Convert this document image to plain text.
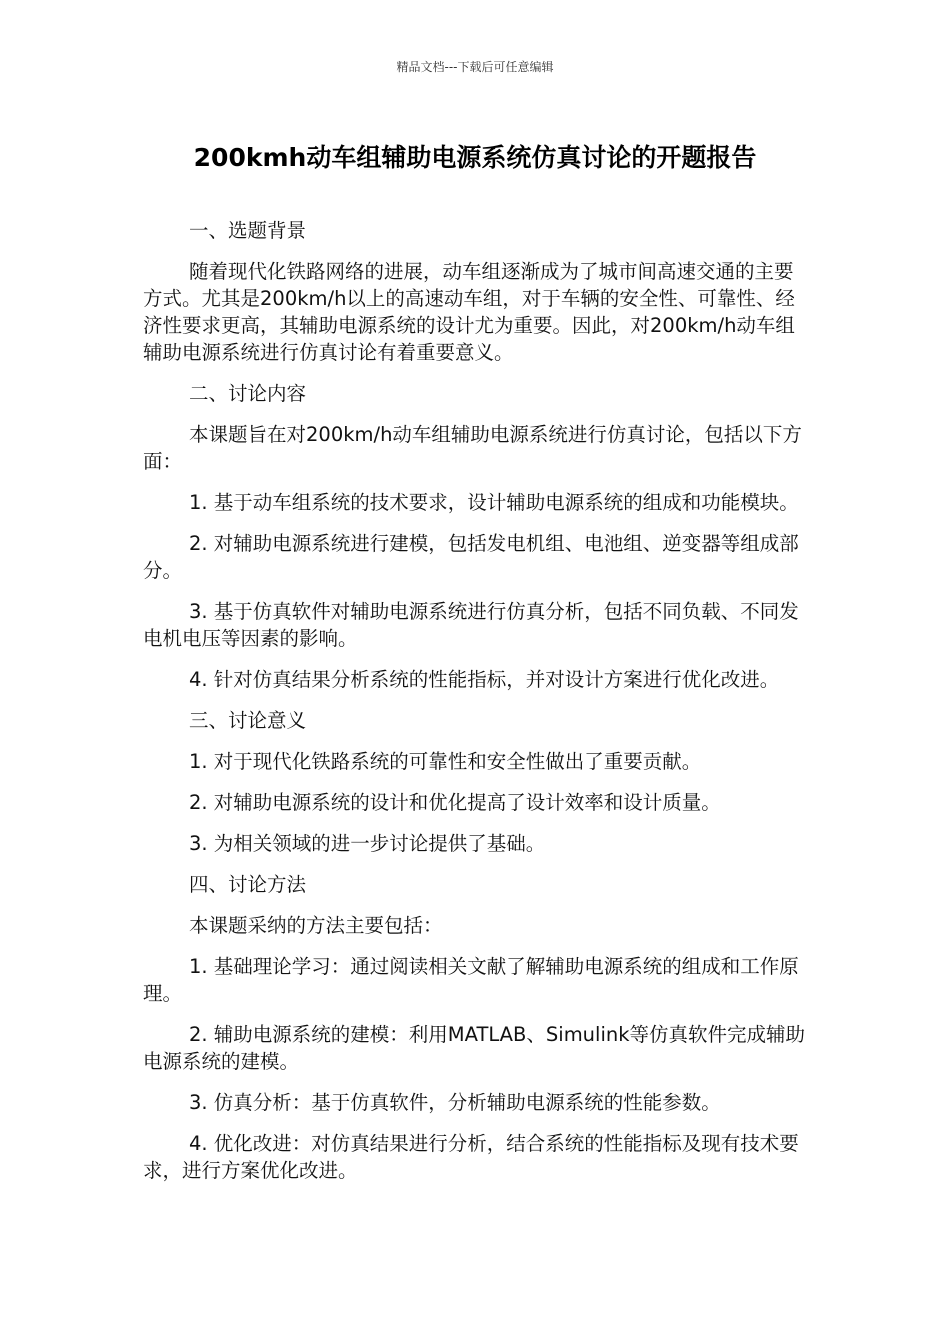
精品文档---下载后可任意编辑
200kmh动车组辅助电源系统仿真讨论的开题报告

一、选题背景

随着现代化铁路网络的进展，动车组逐渐成为了城市间高速交通的主要方式。尤其是200km/h以上的高速动车组，对于车辆的安全性、可靠性、经济性要求更高，其辅助电源系统的设计尤为重要。因此，对200km/h动车组辅助电源系统进行仿真讨论有着重要意义。

二、讨论内容

本课题旨在对200km/h动车组辅助电源系统进行仿真讨论，包括以下方面：

1. 基于动车组系统的技术要求，设计辅助电源系统的组成和功能模块。

2. 对辅助电源系统进行建模，包括发电机组、电池组、逆变器等组成部分。

3. 基于仿真软件对辅助电源系统进行仿真分析，包括不同负载、不同发电机电压等因素的影响。

4. 针对仿真结果分析系统的性能指标，并对设计方案进行优化改进。

三、讨论意义

1. 对于现代化铁路系统的可靠性和安全性做出了重要贡献。

2. 对辅助电源系统的设计和优化提高了设计效率和设计质量。

3. 为相关领域的进一步讨论提供了基础。

四、讨论方法

本课题采纳的方法主要包括：

1. 基础理论学习：通过阅读相关文献了解辅助电源系统的组成和工作原理。

2. 辅助电源系统的建模：利用MATLAB、Simulink等仿真软件完成辅助电源系统的建模。

3. 仿真分析：基于仿真软件，分析辅助电源系统的性能参数。

4. 优化改进：对仿真结果进行分析，结合系统的性能指标及现有技术要求，进行方案优化改进。
